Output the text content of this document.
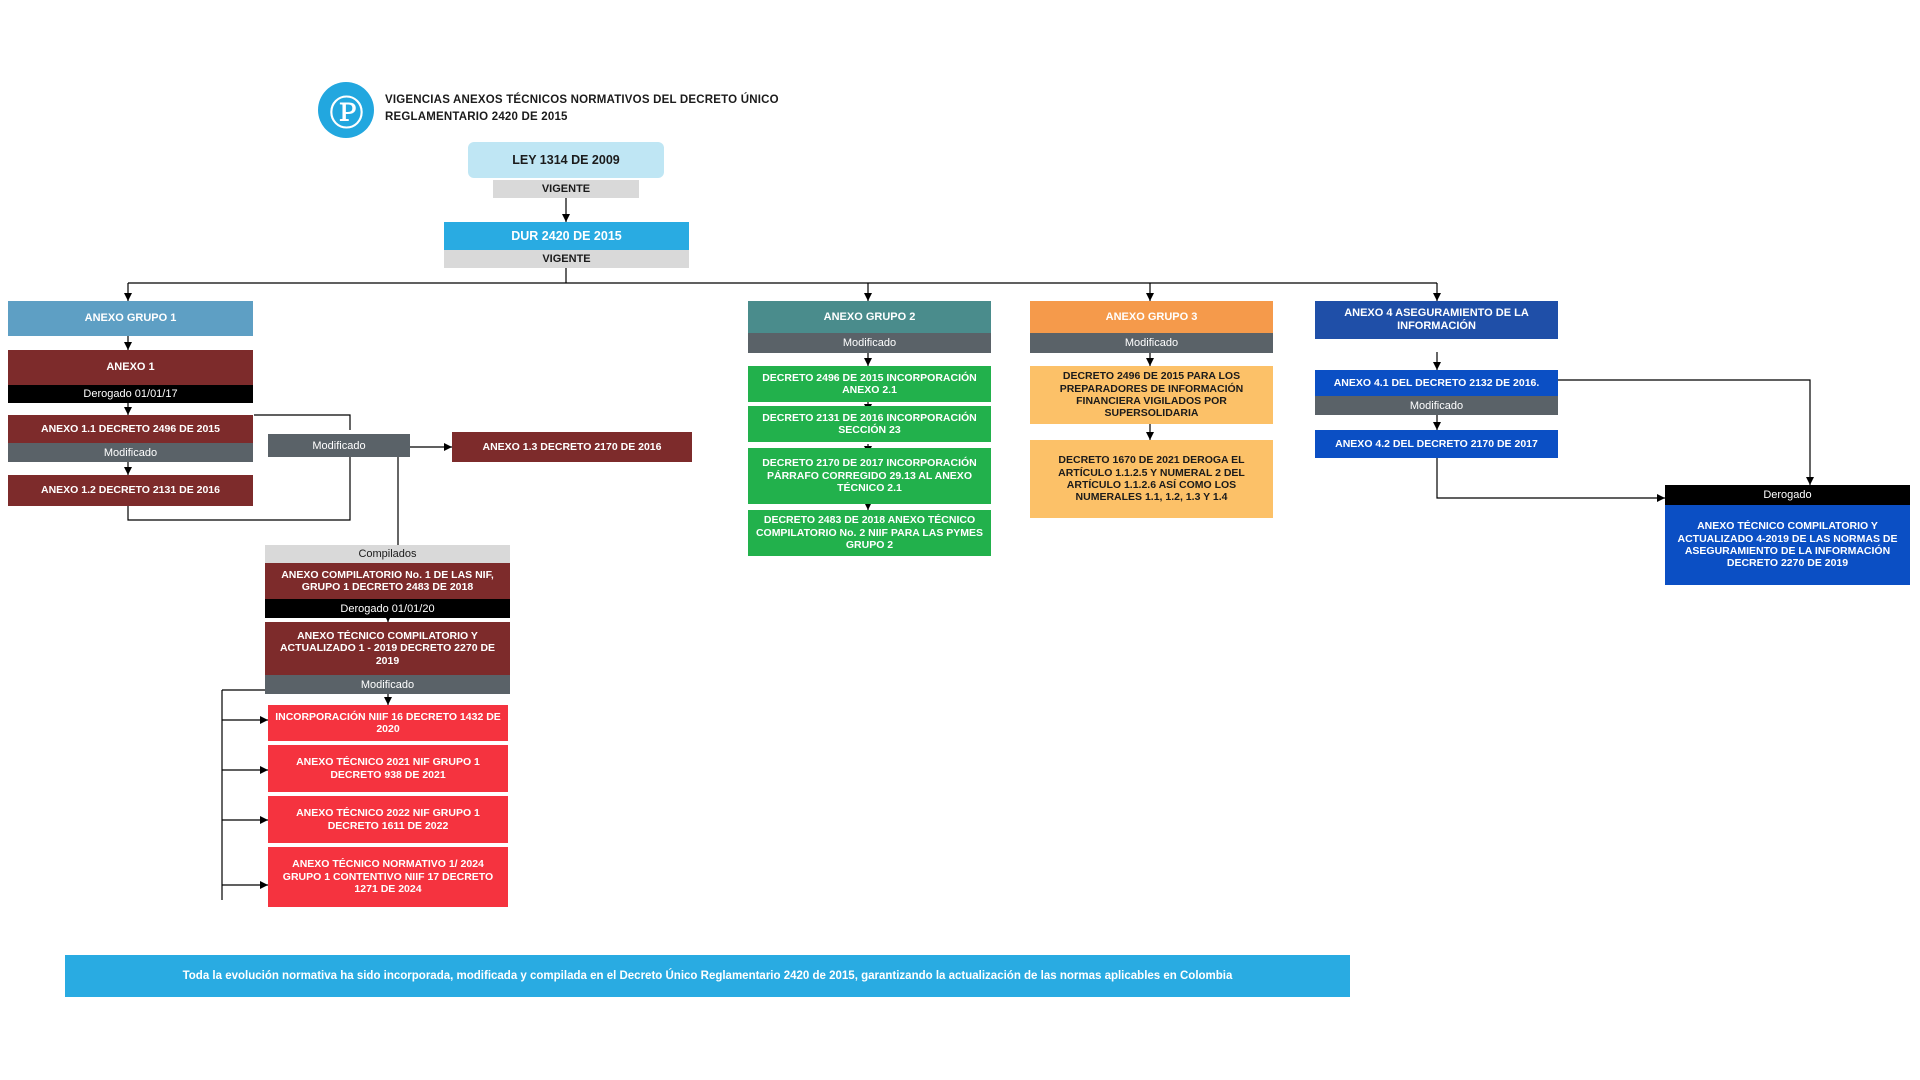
Ⓟ VIGENCIAS ANEXOS TÉCNICOS NORMATIVOS DEL DECRETO ÚNICO
REGLAMENTARIO 2420 DE 2015
LEY 1314 DE 2009
VIGENTE
DUR 2420 DE 2015
VIGENTE
ANEXO GRUPO 1
ANEXO 1
Derogado 01/01/17
ANEXO 1.1 DECRETO 2496 DE 2015
Modificado
ANEXO 1.2 DECRETO 2131 DE 2016
Modificado	ANEXO 1.3 DECRETO 2170 DE 2016
Compilados
ANEXO COMPILATORIO No. 1 DE LAS NIF, GRUPO 1 DECRETO 2483 DE 2018
Derogado 01/01/20
ANEXO TÉCNICO COMPILATORIO Y ACTUALIZADO 1 - 2019 DECRETO 2270 DE 2019
Modificado
INCORPORACIÓN NIIF 16 DECRETO 1432 DE 2020
ANEXO TÉCNICO 2021 NIF GRUPO 1 DECRETO 938 DE 2021
ANEXO TÉCNICO 2022 NIF GRUPO 1 DECRETO 1611 DE 2022
ANEXO TÉCNICO NORMATIVO 1/ 2024 GRUPO 1 CONTENTIVO NIIF 17 DECRETO 1271 DE 2024
ANEXO GRUPO 2
Modificado
DECRETO 2496 DE 2015 INCORPORACIÓN ANEXO 2.1
DECRETO 2131 DE 2016 INCORPORACIÓN SECCIÓN 23
DECRETO 2170 DE 2017 INCORPORACIÓN PÁRRAFO CORREGIDO 29.13 AL ANEXO TÉCNICO 2.1
DECRETO 2483 DE 2018 ANEXO TÉCNICO COMPILATORIO No. 2 NIIF PARA LAS PYMES GRUPO 2
ANEXO GRUPO 3
Modificado
DECRETO 2496 DE 2015 PARA LOS PREPARADORES DE INFORMACIÓN FINANCIERA VIGILADOS POR SUPERSOLIDARIA
DECRETO 1670 DE 2021 DEROGA EL ARTÍCULO 1.1.2.5 Y NUMERAL 2 DEL ARTÍCULO 1.1.2.6 ASÍ COMO LOS NUMERALES 1.1, 1.2, 1.3 Y 1.4
ANEXO 4 ASEGURAMIENTO DE LA INFORMACIÓN
ANEXO 4.1 DEL DECRETO 2132 DE 2016.
Modificado
ANEXO 4.2 DEL DECRETO 2170 DE 2017
Derogado
ANEXO TÉCNICO COMPILATORIO Y ACTUALIZADO 4-2019 DE LAS NORMAS DE ASEGURAMIENTO DE LA INFORMACIÓN DECRETO 2270 DE 2019
Toda la evolución normativa ha sido incorporada, modificada y compilada en el Decreto Único Reglamentario 2420 de 2015, garantizando la actualización de las normas aplicables en Colombia
